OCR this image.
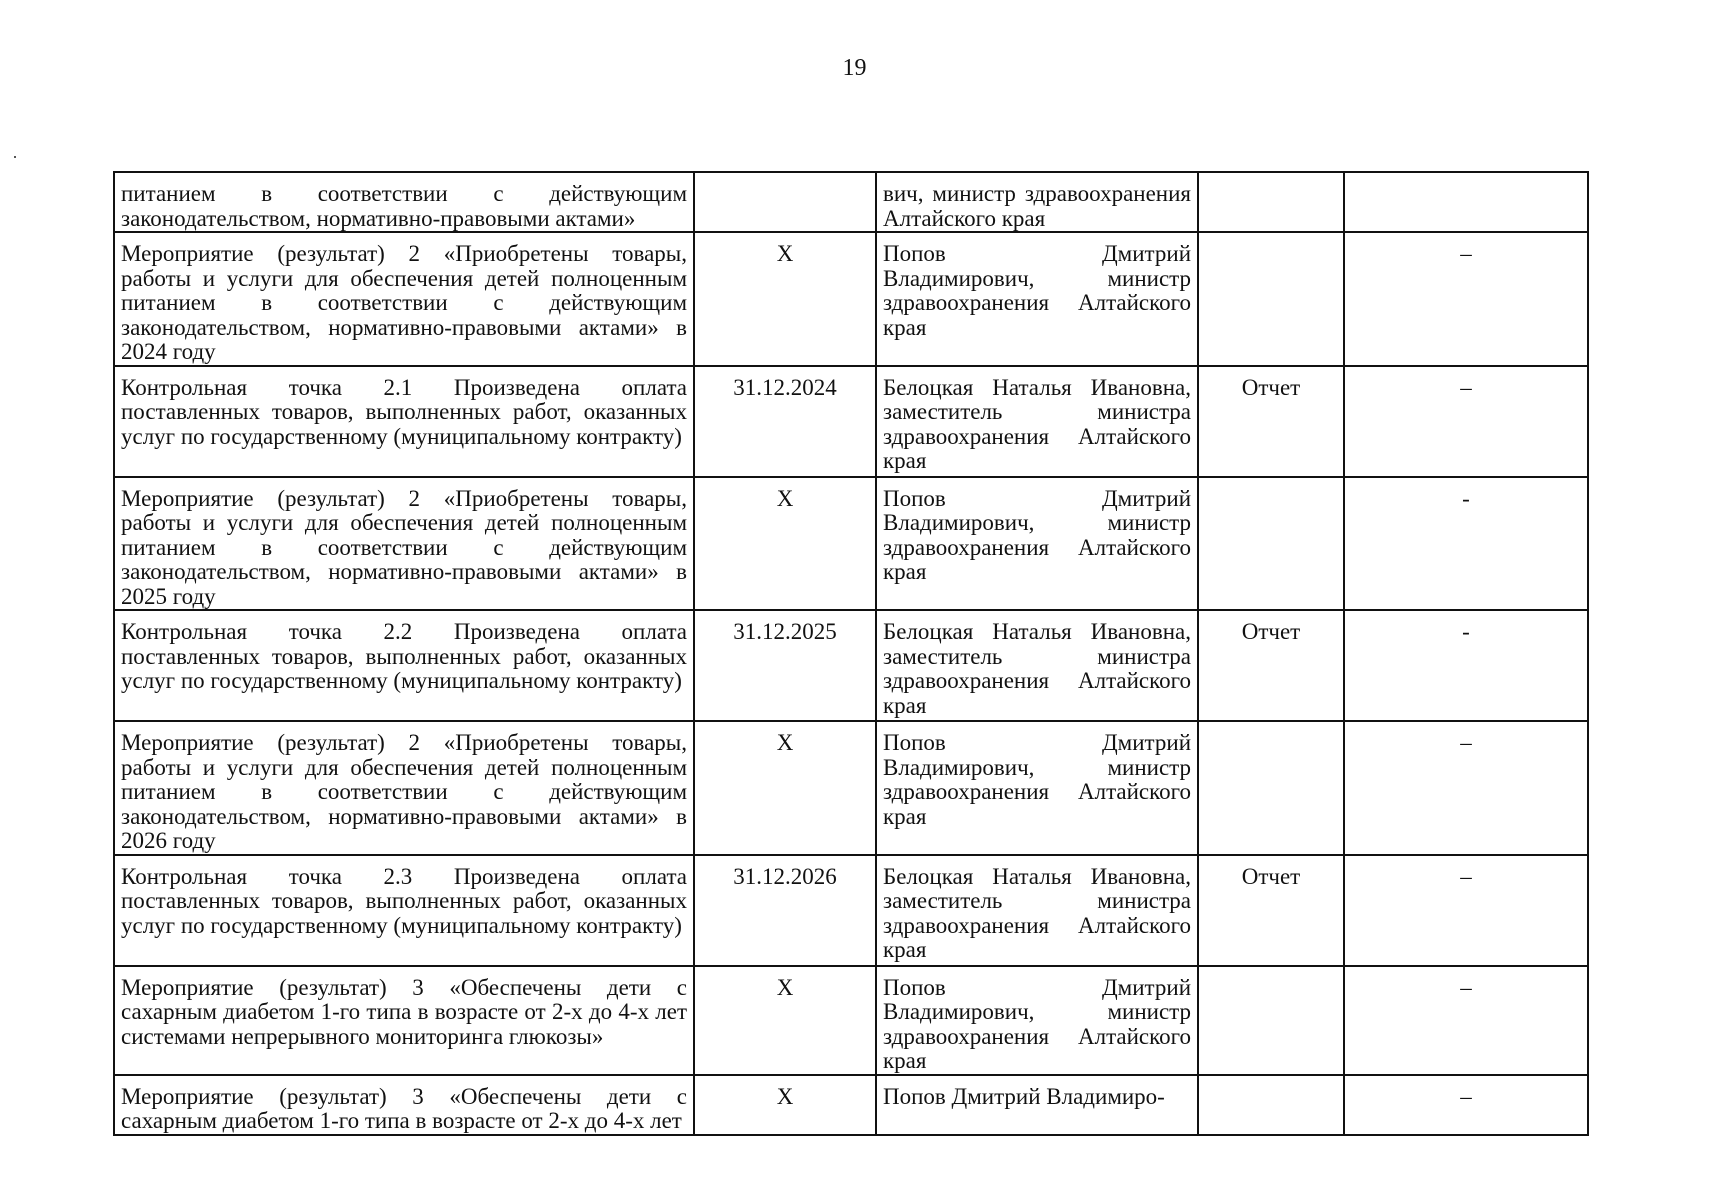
19
питанием в соответствии с действующим законодательством, нормативно-правовыми актами»		вич, министр здравоохранения Алтайского края		
Мероприятие (результат) 2 «Приобретены товары, работы и услуги для обеспечения детей полноценным питанием в соответствии с действующим законодательством, нормативно-правовыми актами» в 2024 году	X	Попов Дмитрий Владимирович, министр здравоохранения Алтайского края		–
Контрольная точка 2.1 Произведена оплата поставленных товаров, выполненных работ, оказанных услуг по государственному (муниципальному контракту)	31.12.2024	Белоцкая Наталья Ивановна, заместитель министра здравоохранения Алтайского края	Отчет	–
Мероприятие (результат) 2 «Приобретены товары, работы и услуги для обеспечения детей полноценным питанием в соответствии с действующим законодательством, нормативно-правовыми актами» в 2025 году	X	Попов Дмитрий Владимирович, министр здравоохранения Алтайского края		-
Контрольная точка 2.2 Произведена оплата поставленных товаров, выполненных работ, оказанных услуг по государственному (муниципальному контракту)	31.12.2025	Белоцкая Наталья Ивановна, заместитель министра здравоохранения Алтайского края	Отчет	-
Мероприятие (результат) 2 «Приобретены товары, работы и услуги для обеспечения детей полноценным питанием в соответствии с действующим законодательством, нормативно-правовыми актами» в 2026 году	X	Попов Дмитрий Владимирович, министр здравоохранения Алтайского края		–
Контрольная точка 2.3 Произведена оплата поставленных товаров, выполненных работ, оказанных услуг по государственному (муниципальному контракту)	31.12.2026	Белоцкая Наталья Ивановна, заместитель министра здравоохранения Алтайского края	Отчет	–
Мероприятие (результат) 3 «Обеспечены дети с сахарным диабетом 1-го типа в возрасте от 2-х до 4-х лет системами непрерывного мониторинга глюкозы»	X	Попов Дмитрий Владимирович, министр здравоохранения Алтайского края		–
Мероприятие (результат) 3 «Обеспечены дети с сахарным диабетом 1-го типа в возрасте от 2-х до 4-х лет	X	Попов Дмитрий Владимиро-		–
